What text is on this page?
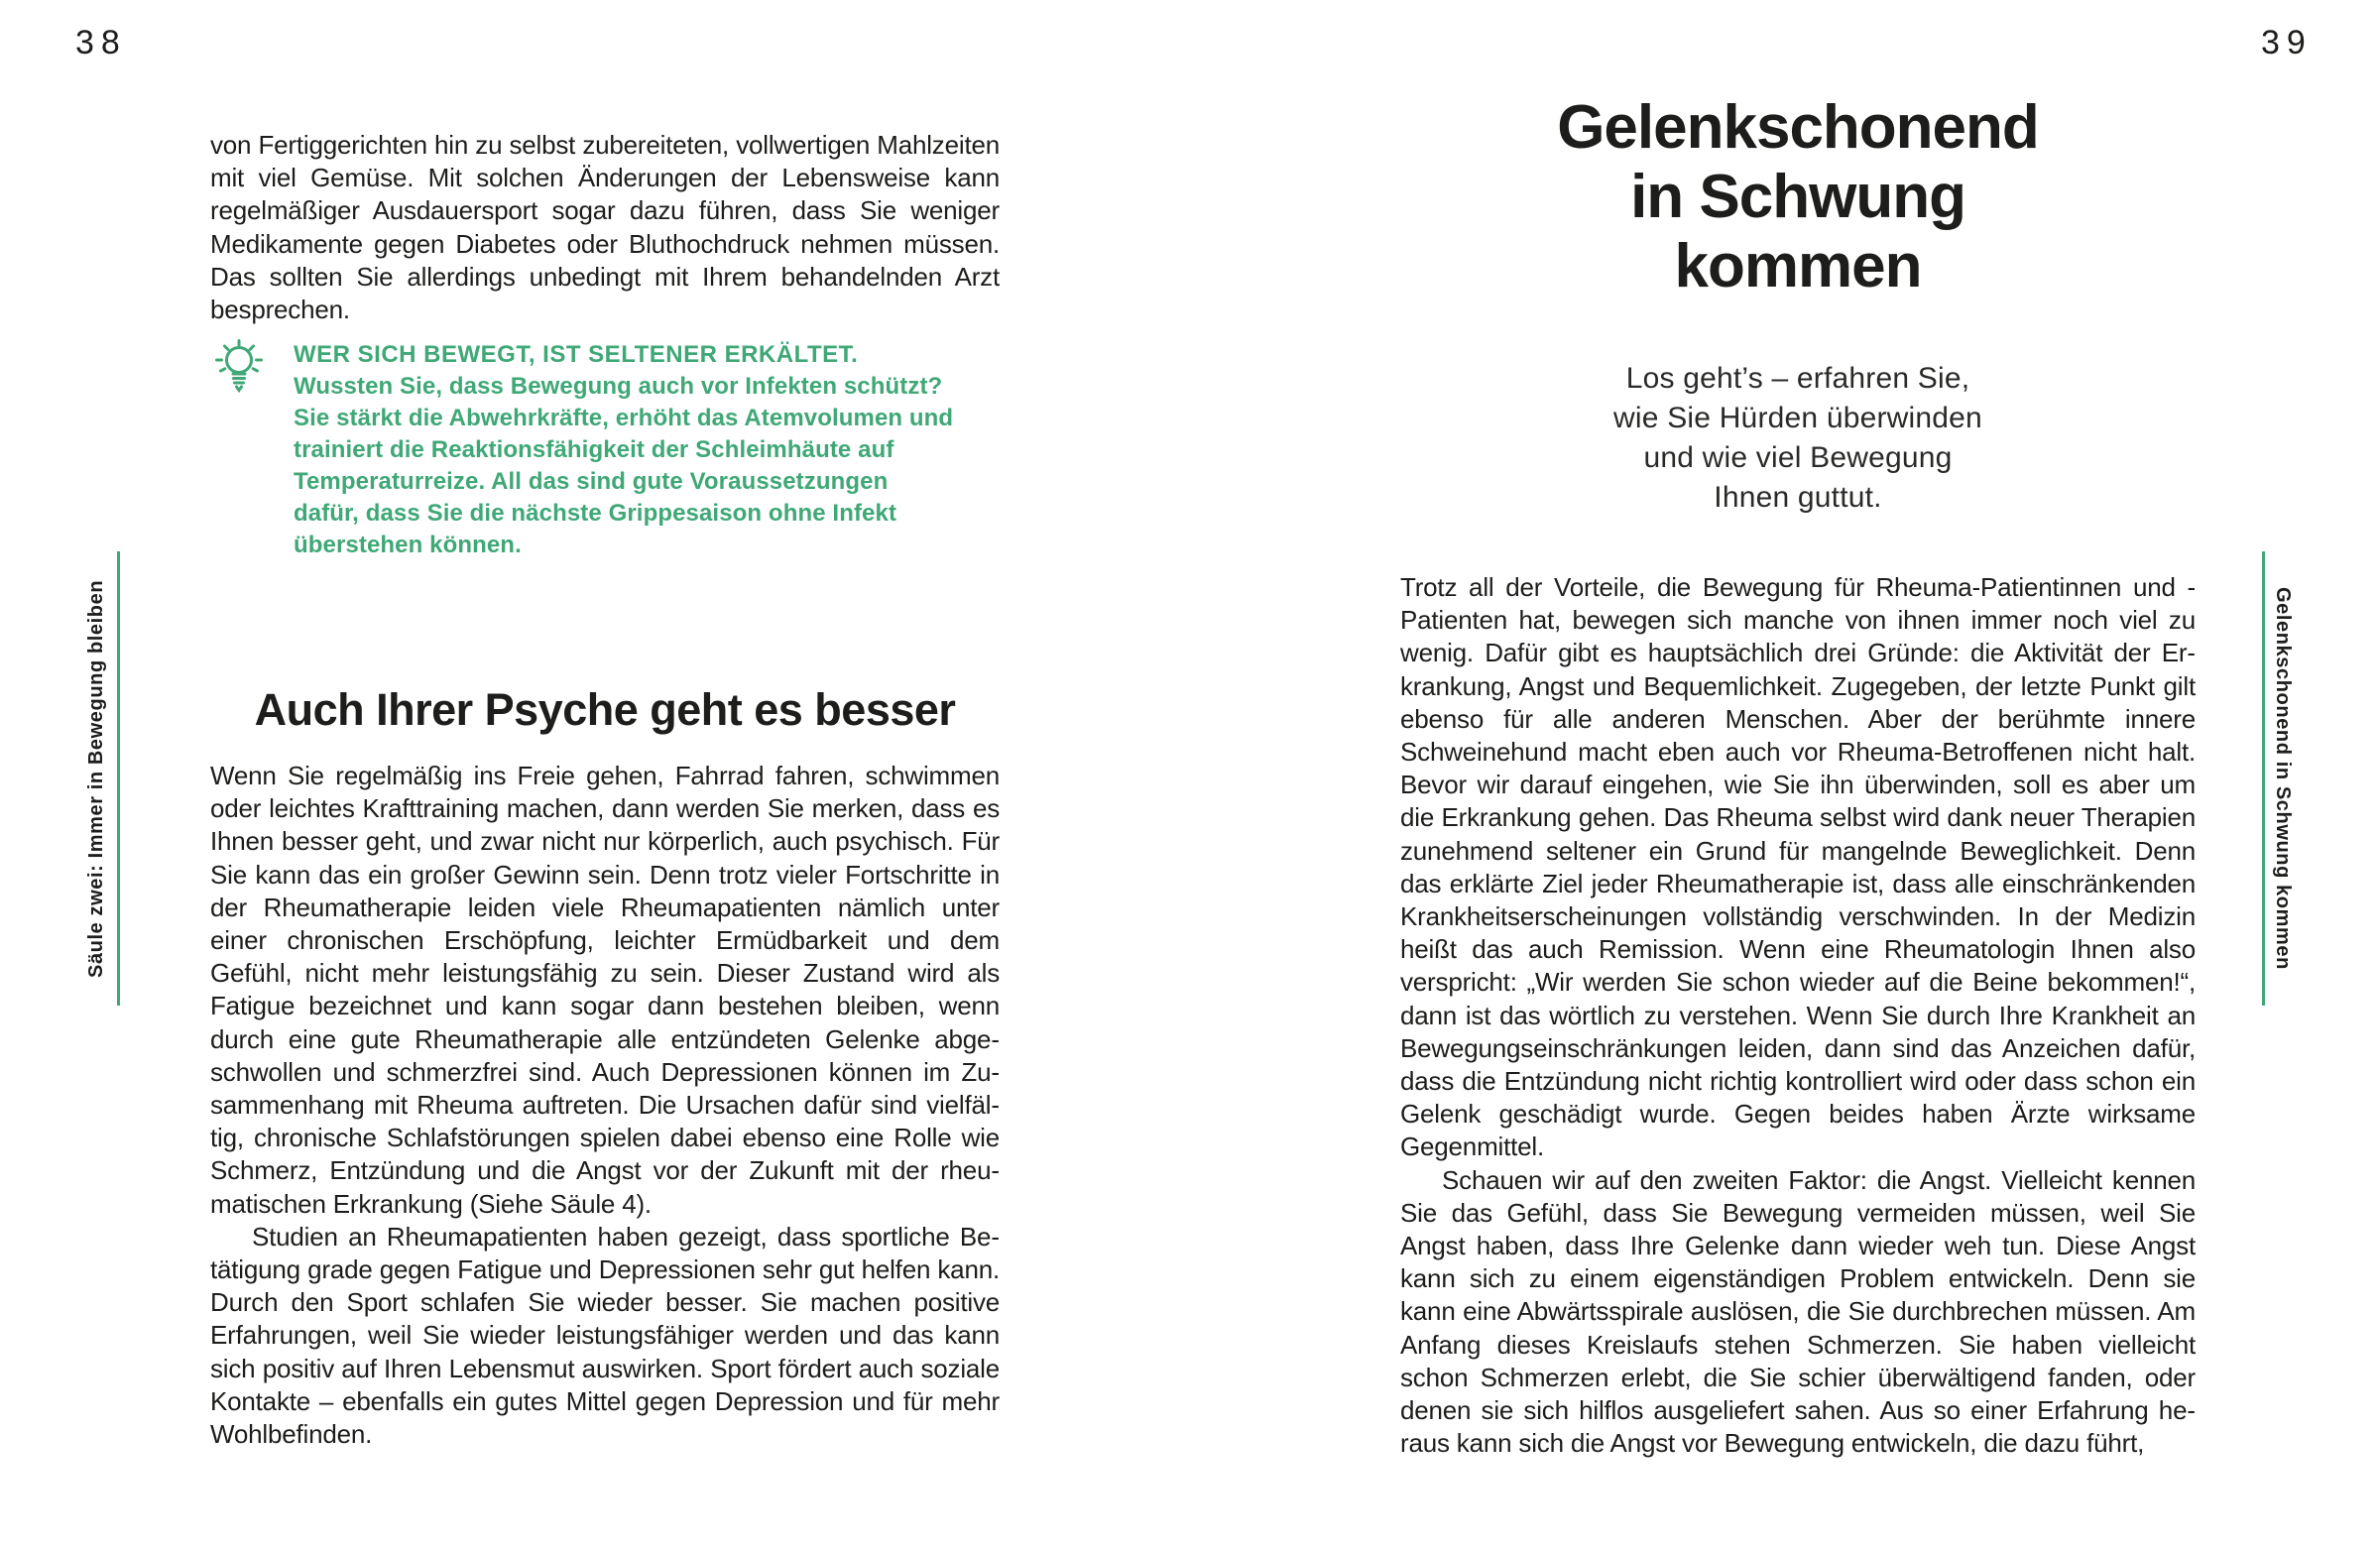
38	39
Säule zwei: Immer in Bewegung bleiben	Gelenkschonend in Schwung kommen

von Fertiggerichten hin zu selbst zubereiteten, vollwertigen Mahlzeiten mit viel Gemüse. Mit solchen Änderungen der Lebensweise kann regelmäßiger Ausdauersport sogar dazu führen, dass Sie weniger Medikamente gegen Diabetes oder Bluthochdruck nehmen müssen. Das sollten Sie allerdings unbedingt mit Ihrem behandelnden Arzt besprechen.

WER SICH BEWEGT, IST SELTENER ERKÄLTET. Wussten Sie, dass Bewegung auch vor Infekten schützt? Sie stärkt die Abwehrkräfte, erhöht das Atemvolumen und trainiert die Reaktionsfähigkeit der Schleimhäute auf Temperaturreize. All das sind gute Voraussetzungen dafür, dass Sie die nächste Grippesaison ohne Infekt überstehen können.

Auch Ihrer Psyche geht es besser

Wenn Sie regelmäßig ins Freie gehen, Fahrrad fahren, schwimmen oder leichtes Krafttraining machen, dann werden Sie merken, dass es Ihnen besser geht, und zwar nicht nur körperlich, auch psychisch. Für Sie kann das ein großer Gewinn sein. Denn trotz vieler Fortschritte in der Rheumatherapie leiden viele Rheumapatienten nämlich unter einer chronischen Erschöpfung, leichter Ermüdbarkeit und dem Gefühl, nicht mehr leistungsfähig zu sein. Dieser Zustand wird als Fatigue bezeichnet und kann sogar dann bestehen bleiben, wenn durch eine gute Rheumatherapie alle entzündeten Gelenke abgeschwollen und schmerzfrei sind. Auch Depressionen können im Zusammenhang mit Rheuma auftreten. Die Ursachen dafür sind vielfältig, chronische Schlafstörungen spielen dabei ebenso eine Rolle wie Schmerz, Entzündung und die Angst vor der Zukunft mit der rheumatischen Erkrankung (Siehe Säule 4).

Studien an Rheumapatienten haben gezeigt, dass sportliche Betätigung grade gegen Fatigue und Depressionen sehr gut helfen kann. Durch den Sport schlafen Sie wieder besser. Sie machen positive Erfahrungen, weil Sie wieder leistungsfähiger werden und das kann sich positiv auf Ihren Lebensmut auswirken. Sport fördert auch soziale Kontakte – ebenfalls ein gutes Mittel gegen Depression und für mehr Wohlbefinden.

Gelenkschonend
in Schwung
kommen
Los geht’s – erfahren Sie,
wie Sie Hürden überwinden
und wie viel Bewegung
Ihnen guttut.

Trotz all der Vorteile, die Bewegung für Rheuma-Patientinnen und -Patienten hat, bewegen sich manche von ihnen immer noch viel zu wenig. Dafür gibt es hauptsächlich drei Gründe: die Aktivität der Erkrankung, Angst und Bequemlichkeit. Zugegeben, der letzte Punkt gilt ebenso für alle anderen Menschen. Aber der berühmte innere Schweinehund macht eben auch vor Rheuma-Betroffenen nicht halt. Bevor wir darauf eingehen, wie Sie ihn überwinden, soll es aber um die Erkrankung gehen. Das Rheuma selbst wird dank neuer Therapien zunehmend seltener ein Grund für mangelnde Beweglichkeit. Denn das erklärte Ziel jeder Rheumatherapie ist, dass alle einschränkenden Krankheitserscheinungen vollständig verschwinden. In der Medizin heißt das auch Remission. Wenn eine Rheumatologin Ihnen also verspricht: „Wir werden Sie schon wieder auf die Beine bekommen!“, dann ist das wörtlich zu verstehen. Wenn Sie durch Ihre Krankheit an Bewegungseinschränkungen leiden, dann sind das Anzeichen dafür, dass die Entzündung nicht richtig kontrolliert wird oder dass schon ein Gelenk geschädigt wurde. Gegen beides haben Ärzte wirksame Gegenmittel.

Schauen wir auf den zweiten Faktor: die Angst. Vielleicht kennen Sie das Gefühl, dass Sie Bewegung vermeiden müssen, weil Sie Angst haben, dass Ihre Gelenke dann wieder weh tun. Diese Angst kann sich zu einem eigenständigen Problem entwickeln. Denn sie kann eine Abwärtsspirale auslösen, die Sie durchbrechen müssen. Am Anfang dieses Kreislaufs stehen Schmerzen. Sie haben vielleicht schon Schmerzen erlebt, die Sie schier überwältigend fanden, oder denen sie sich hilflos ausgeliefert sahen. Aus so einer Erfahrung heraus kann sich die Angst vor Bewegung entwickeln, die dazu führt,
